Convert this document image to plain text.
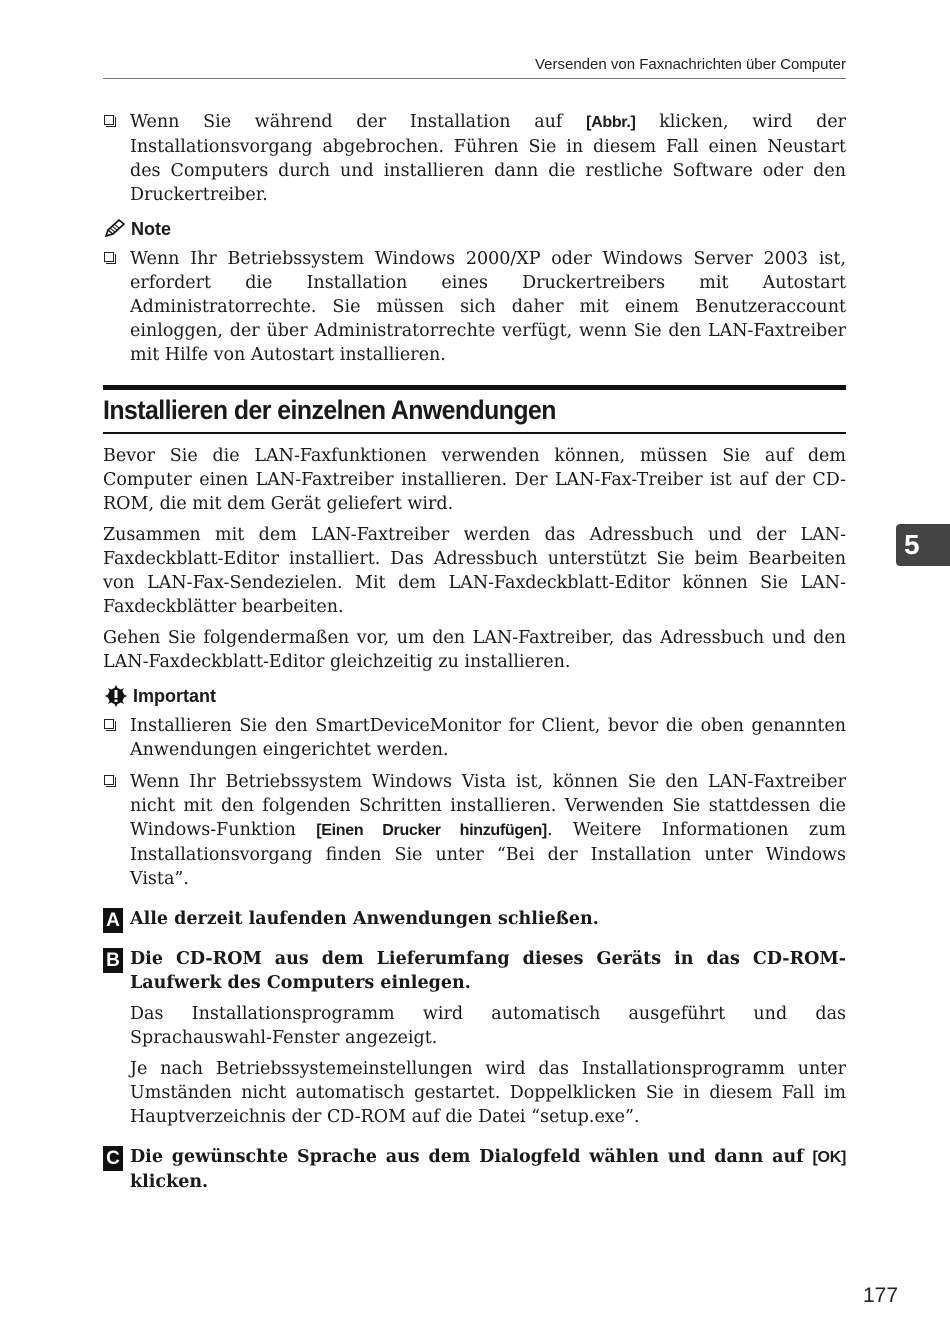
Versenden von Faxnachrichten über Computer
Wenn Sie während der Installation auf [Abbr.] klicken, wird der Installationsvorgang abgebrochen. Führen Sie in diesem Fall einen Neustart des Computers durch und installieren dann die restliche Software oder den Druckertreiber.
Note
Wenn Ihr Betriebssystem Windows 2000/XP oder Windows Server 2003 ist, erfordert die Installation eines Druckertreibers mit Autostart Administratorrechte. Sie müssen sich daher mit einem Benutzeraccount einloggen, der über Administratorrechte verfügt, wenn Sie den LAN-Faxtreiber mit Hilfe von Autostart installieren.
Installieren der einzelnen Anwendungen

Bevor Sie die LAN-Faxfunktionen verwenden können, müssen Sie auf dem Computer einen LAN-Faxtreiber installieren. Der LAN-Fax-Treiber ist auf der CD-ROM, die mit dem Gerät geliefert wird.

Zusammen mit dem LAN-Faxtreiber werden das Adressbuch und der LAN-Faxdeckblatt-Editor installiert. Das Adressbuch unterstützt Sie beim Bearbeiten von LAN-Fax-Sendezielen. Mit dem LAN-Faxdeckblatt-Editor können Sie LAN-Faxdeckblätter bearbeiten.

Gehen Sie folgendermaßen vor, um den LAN-Faxtreiber, das Adressbuch und den LAN-Faxdeckblatt-Editor gleichzeitig zu installieren.

Important
Installieren Sie den SmartDeviceMonitor for Client, bevor die oben genannten Anwendungen eingerichtet werden.
Wenn Ihr Betriebssystem Windows Vista ist, können Sie den LAN-Faxtreiber nicht mit den folgenden Schritten installieren. Verwenden Sie stattdessen die Windows-Funktion [Einen Drucker hinzufügen]. Weitere Informationen zum Installationsvorgang finden Sie unter “Bei der Installation unter Windows Vista”.
A Alle derzeit laufenden Anwendungen schließen.
B Die CD-ROM aus dem Lieferumfang dieses Geräts in das CD-ROM-Laufwerk des Computers einlegen.

Das Installationsprogramm wird automatisch ausgeführt und das Sprachauswahl-Fenster angezeigt.

Je nach Betriebssystemeinstellungen wird das Installationsprogramm unter Umständen nicht automatisch gestartet. Doppelklicken Sie in diesem Fall im Hauptverzeichnis der CD-ROM auf die Datei “setup.exe”.

C Die gewünschte Sprache aus dem Dialogfeld wählen und dann auf [OK] klicken.
5
177
